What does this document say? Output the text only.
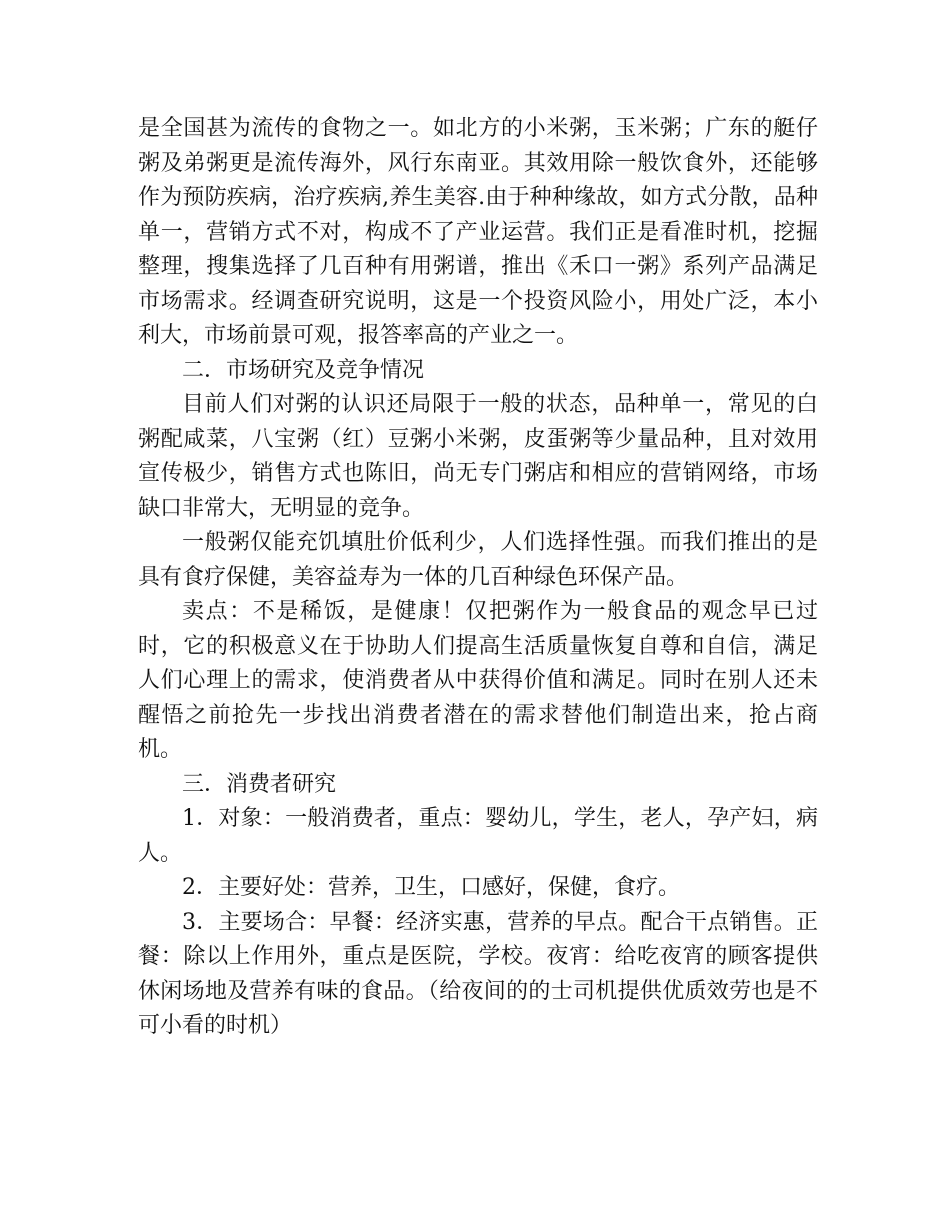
是全国甚为流传的食物之一。如北方的小米粥，玉米粥；广东的艇仔粥及弟粥更是流传海外，风行东南亚。其效用除一般饮食外，还能够作为预防疾病，治疗疾病,养生美容.由于种种缘故，如方式分散，品种单一，营销方式不对，构成不了产业运营。我们正是看准时机，挖掘整理，搜集选择了几百种有用粥谱，推出《禾口一粥》系列产品满足市场需求。经调查研究说明，这是一个投资风险小，用处广泛，本小利大，市场前景可观，报答率高的产业之一。

二．市场研究及竞争情况

目前人们对粥的认识还局限于一般的状态，品种单一，常见的白粥配咸菜，八宝粥（红）豆粥小米粥，皮蛋粥等少量品种，且对效用宣传极少，销售方式也陈旧，尚无专门粥店和相应的营销网络，市场缺口非常大，无明显的竞争。

一般粥仅能充饥填肚价低利少，人们选择性强。而我们推出的是具有食疗保健，美容益寿为一体的几百种绿色环保产品。

卖点：不是稀饭，是健康！仅把粥作为一般食品的观念早已过时，它的积极意义在于协助人们提高生活质量恢复自尊和自信，满足人们心理上的需求，使消费者从中获得价值和满足。同时在别人还未醒悟之前抢先一步找出消费者潜在的需求替他们制造出来，抢占商机。

三．消费者研究

1．对象：一般消费者，重点：婴幼儿，学生，老人，孕产妇，病人。

2．主要好处：营养，卫生，口感好，保健，食疗。

3．主要场合：早餐：经济实惠，营养的早点。配合干点销售。正餐：除以上作用外，重点是医院，学校。夜宵：给吃夜宵的顾客提供休闲场地及营养有味的食品。（给夜间的的士司机提供优质效劳也是不可小看的时机）
